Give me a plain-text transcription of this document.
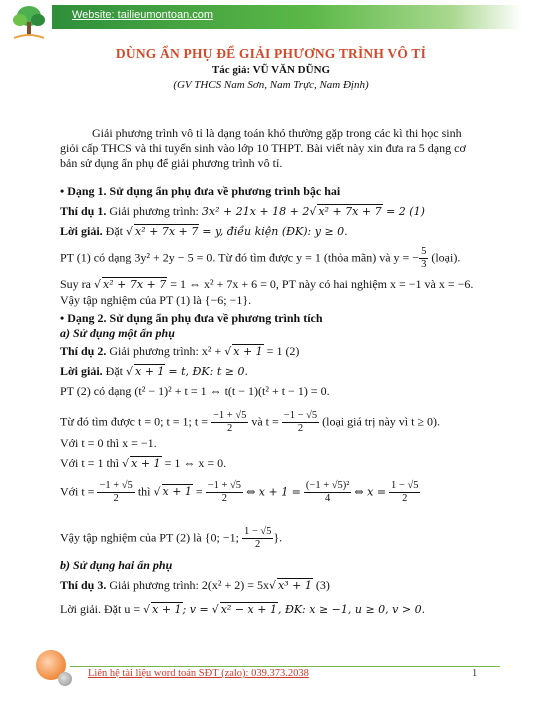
Website: tailieumontoan.com
DÙNG ẨN PHỤ ĐỂ GIẢI PHƯƠNG TRÌNH VÔ TỈ
Tác giả: VŨ VĂN DŨNG
(GV THCS Nam Sơn, Nam Trực, Nam Định)
Giải phương trình vô tỉ là dạng toán khó thường gặp trong các kì thi học sinh
giỏi cấp THCS và thi tuyển sinh vào lớp 10 THPT. Bài viết này xin đưa ra 5 dạng cơ
bản sử dụng ẩn phụ để giải phương trình vô tỉ.
• Dạng 1. Sử dụng ẩn phụ đưa về phương trình bậc hai
Thí dụ 1. Giải phương trình: 3x² + 21x + 18 + 2√ x² + 7x + 7 = 2 (1)
Lời giải. Đặt √ x² + 7x + 7 = y, điều kiện (ĐK): y ≥ 0.
PT (1) có dạng 3y² + 2y − 5 = 0. Từ đó tìm được y = 1 (thỏa mãn) và y = − $\frac{5}{3}$ (loại).
Suy ra √ x² + 7x + 7 = 1 ⇔ x² + 7x + 6 = 0, PT này có hai nghiệm x = −1 và x = −6.
Vậy tập nghiệm của PT (1) là {−6; −1}.
• Dạng 2. Sử dụng ẩn phụ đưa về phương trình tích
a) Sử dụng một ẩn phụ
Thí dụ 2. Giải phương trình: x² + √ x + 1 = 1 (2)
Lời giải. Đặt √ x + 1 = t, ĐK: t ≥ 0.
PT (2) có dạng (t² − 1)² + t = 1 ⇔ t(t − 1)(t² + t − 1) = 0.
Từ đó tìm được t = 0; t = 1; $t = \frac{-1 + √5}{2}$ và $t = \frac{-1 - √5}{2}$ (loại giá trị này vì t ≥ 0).
Với t = 0 thì x = −1.
Với t = 1 thì √ x + 1 = 1 ⇔ x = 0.
Với $t = \frac{-1 + √5}{2}$ thì √ $x + 1 = \frac{-1 + √5}{2}$ ⇔ $x + 1 = \frac{\text{(−1 + √5)²}}{4}$ ⇔ $x = \frac{1 - √5}{2}$
Vậy tập nghiệm của PT (2) là {0; −1; $\frac{1 - √5}{2}$ }.
b) Sử dụng hai ẩn phụ
Thí dụ 3. Giải phương trình: 2(x² + 2) = 5x√ x³ + 1 (3)
Lời giải. Đặt u = √ x + 1; v = √ x² − x + 1, ĐK: x ≥ −1, u ≥ 0, v > 0.
Liên hệ tài liệu word toán SĐT (zalo): 039.373.2038	1
